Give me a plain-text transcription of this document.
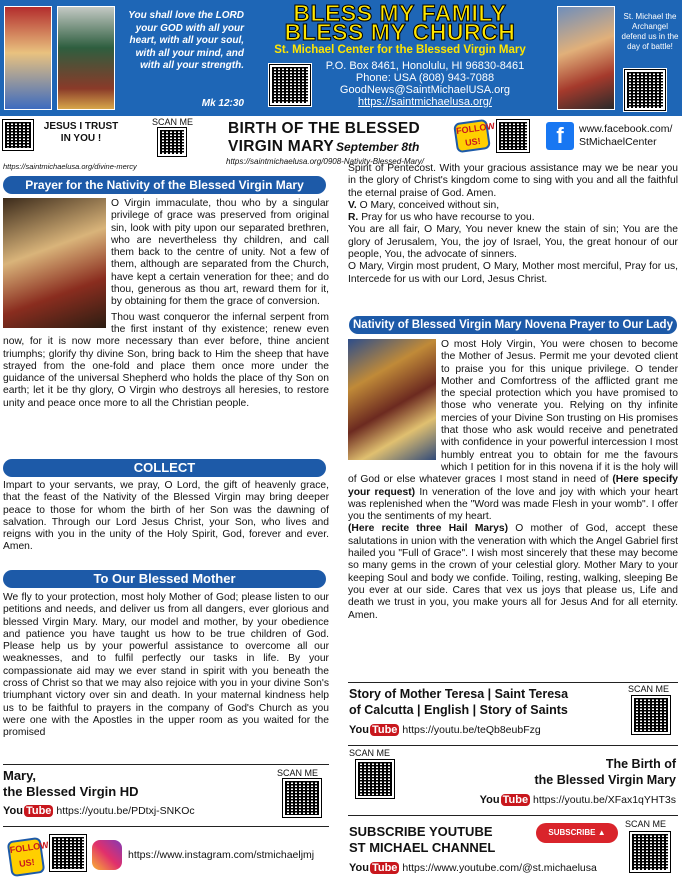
You shall love the LORD your GOD with all your heart, with all your soul, with all your mind, and with all your strength.
Mk 12:30
BLESS MY FAMILY
BLESS MY CHURCH
St. Michael Center for the Blessed Virgin Mary
P.O. Box 8461, Honolulu, HI 96830-8461
Phone: USA (808) 943-7088
GoodNews@SaintMichaelUSA.org
https://saintmichaelusa.org/
St. Michael the Archangel defend us in the day of battle!
JESUS I TRUST IN YOU !
https://saintmichaelusa.org/divine-mercy
SCAN ME BIRTH OF THE BLESSED
VIRGIN MARY September 8th
https://saintmichaelusa.org/0908-Nativity-Blessed-Mary/
FOLLOW US!	f	www.facebook.com/
StMichaelCenter
Prayer for the Nativity of the Blessed Virgin Mary

O Virgin immaculate, thou who by a singular privilege of grace was preserved from original sin, look with pity upon our separated brethren, who are nevertheless thy children, and call them back to the centre of unity. Not a few of them, although are separated from the Church, have kept a certain veneration for thee; and do thou, generous as thou art, reward them for it, by obtaining for them the grace of conversion.

Thou wast conqueror the infernal serpent from the first instant of thy existence; renew even now, for it is now more necessary than ever before, thine ancient triumphs; glorify thy divine Son, bring back to Him the sheep that have strayed from the one-fold and place them once more under the guidance of the universal Shepherd who holds the place of thy Son on earth; let it be thy glory, O Virgin who destroys all heresies, to restore unity and peace once more to all the Christian people.

COLLECT

Impart to your servants, we pray, O Lord, the gift of heavenly grace, that the feast of the Nativity of the Blessed Virgin may bring deeper peace to those for whom the birth of her Son was the dawning of salvation. Through our Lord Jesus Christ, your Son, who lives and reigns with you in the unity of the Holy Spirit, God, forever and ever. Amen.

To Our Blessed Mother

We fly to your protection, most holy Mother of God; please listen to our petitions and needs, and deliver us from all dangers, ever glorious and blessed Virgin Mary. Mary, our model and mother, by your obedience and patience you have taught us how to be true children of God. Please help us by your powerful assistance to overcome all our weaknesses, and to fulfil perfectly our tasks in life. By your compassionate aid may we ever stand in spirit with you beneath the cross of Christ so that we may also rejoice with you in your divine Son's triumphant victory over sin and death. In your maternal kindness help us to be faithful to prayers in the company of God's Church as you were one with the Apostles in the upper room as you waited for the promised

Mary,
the Blessed Virgin HD
SCAN ME
You Tube https://youtu.be/PDtxj-SNKOc
FOLLOW US!
https://www.instagram.com/stmichaeljmj

Spirit of Pentecost. With your gracious assistance may we be near you in the glory of Christ's kingdom come to sing with you and all the faithful the eternal praise of God. Amen.

V. O Mary, conceived without sin,

R. Pray for us who have recourse to you.

You are all fair, O Mary, You never knew the stain of sin; You are the glory of Jerusalem, You, the joy of Israel, You, the great honour of our people, You, the advocate of sinners.

O Mary, Virgin most prudent, O Mary, Mother most merciful, Pray for us, Intercede for us with our Lord, Jesus Christ.

Nativity of Blessed Virgin Mary Novena Prayer to Our Lady

O most Holy Virgin, You were chosen to become the Mother of Jesus. Permit me your devoted client to praise you for this unique privilege. O tender Mother and Comfortress of the afflicted grant me the special protection which you have promised to those who venerate you. Relying on thy infinite mercies of your Divine Son trusting on His promises that those who ask would receive and penetrated with confidence in your powerful intercession I most humbly entreat you to obtain for me the favours which I petition for in this novena if it is the holy will of God or else whatever graces I most stand in need of (Here specify your request) In veneration of the love and joy with which your heart was replenished when the "Word was made Flesh in your womb". I offer you the sentiments of my heart.
(Here recite three Hail Marys) O mother of God, accept these salutations in union with the veneration with which the Angel Gabriel first hailed you "Full of Grace". I wish most sincerely that these may become so many gems in the crown of your celestial glory. Mother Mary to your keeping Soul and body we confide. Toiling, resting, walking, sleeping Be you ever at our side. Cares that vex us joys that please us, Life and death we trust in you, you make yours all for Jesus And for all eternity. Amen.

Story of Mother Teresa | Saint Teresa
of Calcutta | English | Story of Saints
SCAN ME
You Tube https://youtu.be/teQb8eubFzg
SCAN ME
The Birth of
the Blessed Virgin Mary
You Tube https://youtu.be/XFax1qYHT3s
SUBSCRIBE YOUTUBE
ST MICHAEL CHANNEL
SUBSCRIBE ▲
SCAN ME
You Tube https://www.youtube.com/@st.michaelusa
